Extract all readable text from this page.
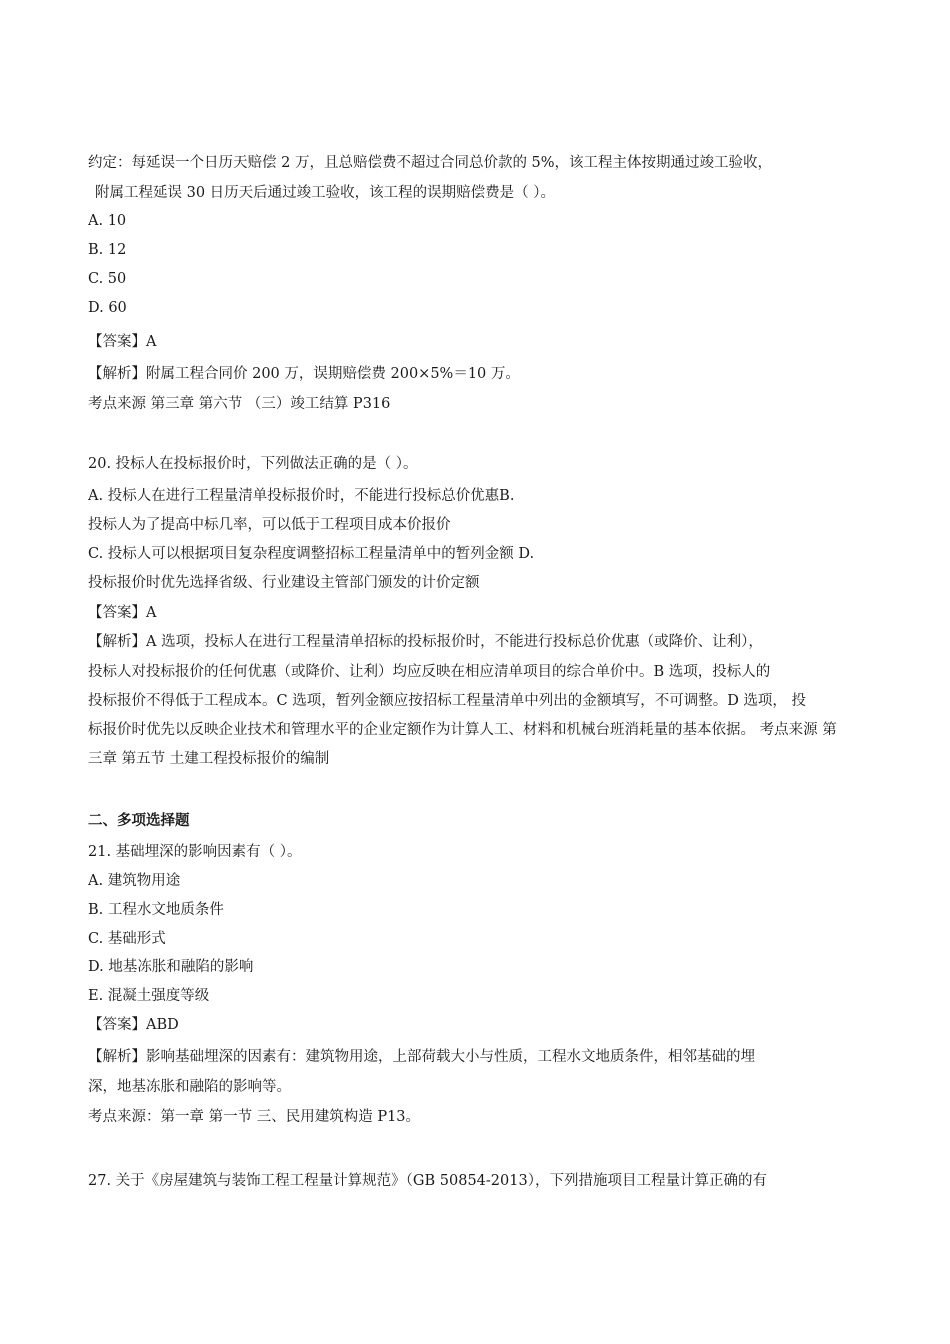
约定：每延误一个日历天赔偿 2 万，且总赔偿费不超过合同总价款的 5%，该工程主体按期通过竣工验收，
附属工程延误 30 日历天后通过竣工验收，该工程的误期赔偿费是（ ）。
A. 10
B. 12
C. 50
D. 60
【答案】A
【解析】附属工程合同价 200 万，误期赔偿费 200×5%＝10 万。
考点来源 第三章 第六节 （三）竣工结算 P316
20. 投标人在投标报价时，下列做法正确的是（ ）。
A. 投标人在进行工程量清单投标报价时，不能进行投标总价优惠B.
投标人为了提高中标几率，可以低于工程项目成本价报价
C. 投标人可以根据项目复杂程度调整招标工程量清单中的暂列金额 D.
投标报价时优先选择省级、行业建设主管部门颁发的计价定额
【答案】A
【解析】A 选项，投标人在进行工程量清单招标的投标报价时，不能进行投标总价优惠（或降价、让利），
投标人对投标报价的任何优惠（或降价、让利）均应反映在相应清单项目的综合单价中。B 选项，投标人的
投标报价不得低于工程成本。C 选项，暂列金额应按招标工程量清单中列出的金额填写，不可调整。D 选项， 投
标报价时优先以反映企业技术和管理水平的企业定额作为计算人工、材料和机械台班消耗量的基本依据。 考点来源 第
三章 第五节 土建工程投标报价的编制
二、多项选择题
21. 基础埋深的影响因素有（ ）。
A. 建筑物用途
B. 工程水文地质条件
C. 基础形式
D. 地基冻胀和融陷的影响
E. 混凝土强度等级
【答案】ABD
【解析】影响基础埋深的因素有：建筑物用途，上部荷载大小与性质，工程水文地质条件，相邻基础的埋
深，地基冻胀和融陷的影响等。
考点来源：第一章 第一节 三、民用建筑构造 P13。
27. 关于《房屋建筑与装饰工程工程量计算规范》（GB 50854-2013），下列措施项目工程量计算正确的有
